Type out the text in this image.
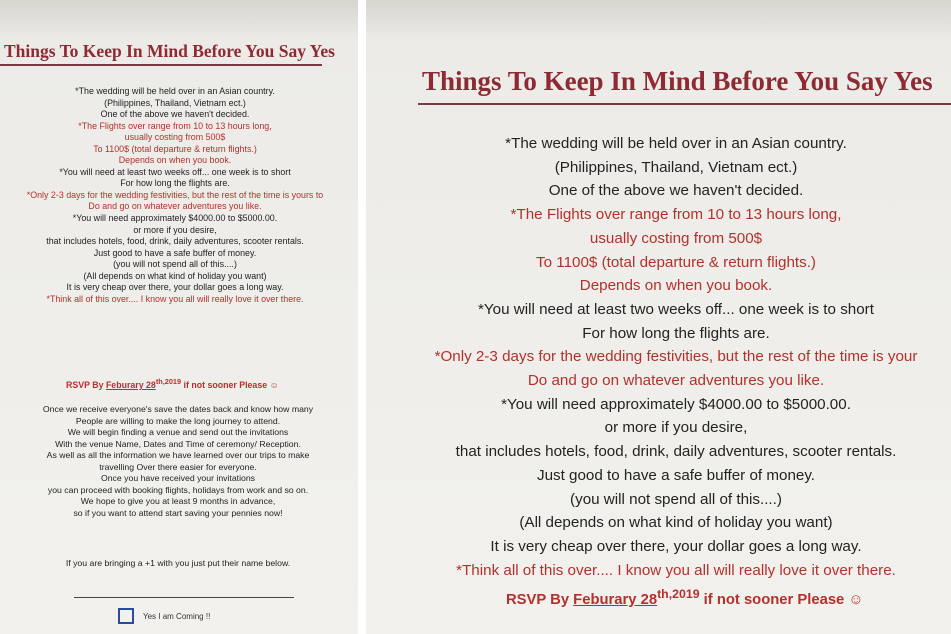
Things To Keep In Mind Before You Say Yes
*The wedding will be held over in an Asian country.
(Philippines, Thailand, Vietnam ect.)
One of the above we haven't decided.
*The Flights over range from 10 to 13 hours long,
usually costing from 500$
To 1100$ (total departure & return flights.)
Depends on when you book.
*You will need at least two weeks off... one week is to short
For how long the flights are.
*Only 2-3 days for the wedding festivities, but the rest of the time is yours to
Do and go on whatever adventures you like.
*You will need approximately $4000.00 to $5000.00.
or more if you desire,
that includes hotels, food, drink, daily adventures, scooter rentals.
Just good to have a safe buffer of money.
(you will not spend all of this....)
(All depends on what kind of holiday you want)
It is very cheap over there, your dollar goes a long way.
*Think all of this over.... I know you all will really love it over there.
RSVP By Feburary $28^{th,2019}$ if not sooner Please ☺
Once we receive everyone's save the dates back and know how many
People are willing to make the long journey to attend.
We will begin finding a venue and send out the invitations
With the venue Name, Dates and Time of ceremony/ Reception.
As well as all the information we have learned over our trips to make
travelling Over there easier for everyone.
Once you have received your invitations
you can proceed with booking flights, holidays from work and so on.
We hope to give you at least 9 months in advance,
so if you want to attend start saving your pennies now!
If you are bringing a +1 with you just put their name below.
Yes I am Coming !!
Things To Keep In Mind Before You Say Yes
*The wedding will be held over in an Asian country.
(Philippines, Thailand, Vietnam ect.)
One of the above we haven't decided.
*The Flights over range from 10 to 13 hours long,
usually costing from 500$
To 1100$ (total departure & return flights.)
Depends on when you book.
*You will need at least two weeks off... one week is to short
For how long the flights are.
*Only 2-3 days for the wedding festivities, but the rest of the time is your
Do and go on whatever adventures you like.
*You will need approximately $4000.00 to $5000.00.
or more if you desire,
that includes hotels, food, drink, daily adventures, scooter rentals.
Just good to have a safe buffer of money.
(you will not spend all of this....)
(All depends on what kind of holiday you want)
It is very cheap over there, your dollar goes a long way.
*Think all of this over.... I know you all will really love it over there.
RSVP By Feburary $28^{th,2019}$ if not sooner Please ☺
